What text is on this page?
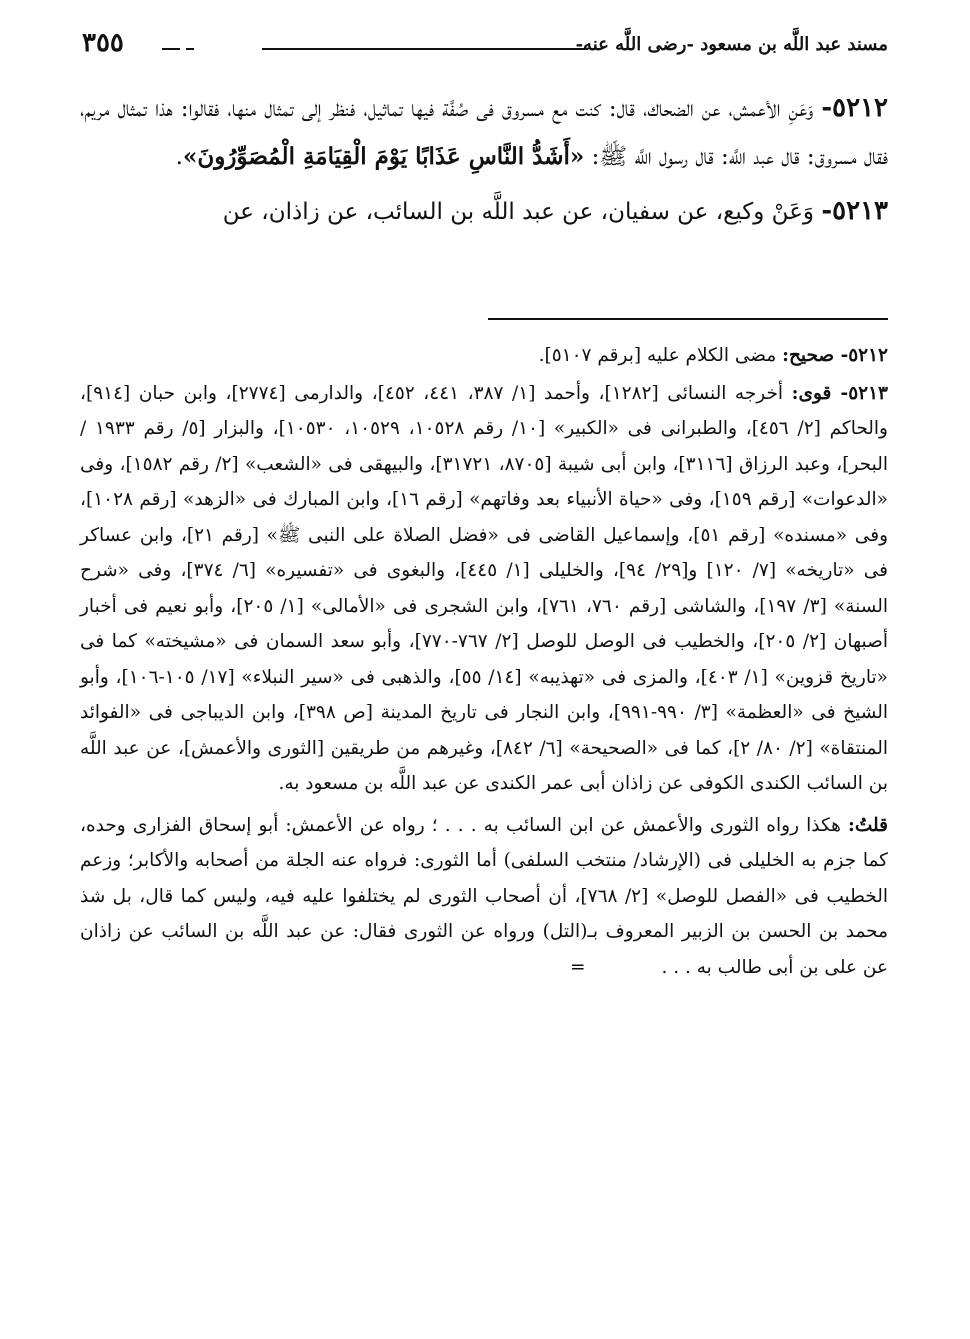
٣٥٥	مسند عبد اللَّه بن مسعود -رضى اللَّه عنه-

٥٢١٢- وَعَنِ الأعمش، عن الضحاك، قال: كنت مع مسروق فى صُفَّة فيها تماثيل، فنظر إلى تمثال منها، فقالوا: هذا تمثال مريم، فقال مسروق: قال عبد اللَّه: قال رسول اللَّه ﷺ: «أَشَدُّ النَّاسِ عَذَابًا يَوْمَ الْقِيَامَةِ الْمُصَوِّرُونَ».

٥٢١٣- وَعَنْ وكيع، عن سفيان، عن عبد اللَّه بن السائب، عن زاذان، عن

٥٢١٢- صحيح: مضى الكلام عليه [برقم ٥١٠٧].

٥٢١٣- قوى: أخرجه النسائى [١٢٨٢]، وأحمد [١/ ٣٨٧، ٤٤١، ٤٥٢]، والدارمى [٢٧٧٤]، وابن حبان [٩١٤]، والحاكم [٢/ ٤٥٦]، والطبرانى فى «الكبير» [١٠/ رقم ١٠٥٢٨، ١٠٥٢٩، ١٠٥٣٠]، والبزار [٥/ رقم ١٩٣٣ / البحر]، وعبد الرزاق [٣١١٦]، وابن أبى شيبة [٨٧٠٥، ٣١٧٢١]، والبيهقى فى «الشعب» [٢/ رقم ١٥٨٢]، وفى «الدعوات» [رقم ١٥٩]، وفى «حياة الأنبياء بعد وفاتهم» [رقم ١٦]، وابن المبارك فى «الزهد» [رقم ١٠٢٨]، وفى «مسنده» [رقم ٥١]، وإسماعيل القاضى فى «فضل الصلاة على النبى ﷺ» [رقم ٢١]، وابن عساكر فى «تاريخه» [٧/ ١٢٠] و[٢٩/ ٩٤]، والخليلى [١/ ٤٤٥]، والبغوى فى «تفسيره» [٦/ ٣٧٤]، وفى «شرح السنة» [٣/ ١٩٧]، والشاشى [رقم ٧٦٠، ٧٦١]، وابن الشجرى فى «الأمالى» [١/ ٢٠٥]، وأبو نعيم فى أخبار أصبهان [٢/ ٢٠٥]، والخطيب فى الوصل للوصل [٢/ ٧٦٧-٧٧٠]، وأبو سعد السمان فى «مشيخته» كما فى «تاريخ قزوين» [١/ ٤٠٣]، والمزى فى «تهذيبه» [١٤/ ٥٥]، والذهبى فى «سير النبلاء» [١٧/ ١٠٥-١٠٦]، وأبو الشيخ فى «العظمة» [٣/ ٩٩٠-٩٩١]، وابن النجار فى تاريخ المدينة [ص ٣٩٨]، وابن الديباجى فى «الفوائد المنتقاة» [٢/ ٨٠/ ٢]، كما فى «الصحيحة» [٦/ ٨٤٢]، وغيرهم من طريقين [الثورى والأعمش]، عن عبد اللَّه بن السائب الكندى الكوفى عن زاذان أبى عمر الكندى عن عبد اللَّه بن مسعود به.

قلتُ: هكذا رواه الثورى والأعمش عن ابن السائب به . . . ؛ رواه عن الأعمش: أبو إسحاق الفزارى وحده، كما جزم به الخليلى فى (الإرشاد/ منتخب السلفى) أما الثورى: فرواه عنه الجلة من أصحابه والأكابر؛ وزعم الخطيب فى «الفصل للوصل» [٢/ ٧٦٨]، أن أصحاب الثورى لم يختلفوا عليه فيه، وليس كما قال، بل شذ محمد بن الحسن بن الزبير المعروف بـ(التل) ورواه عن الثورى فقال: عن عبد اللَّه بن السائب عن زاذان عن على بن أبى طالب به . . . =
